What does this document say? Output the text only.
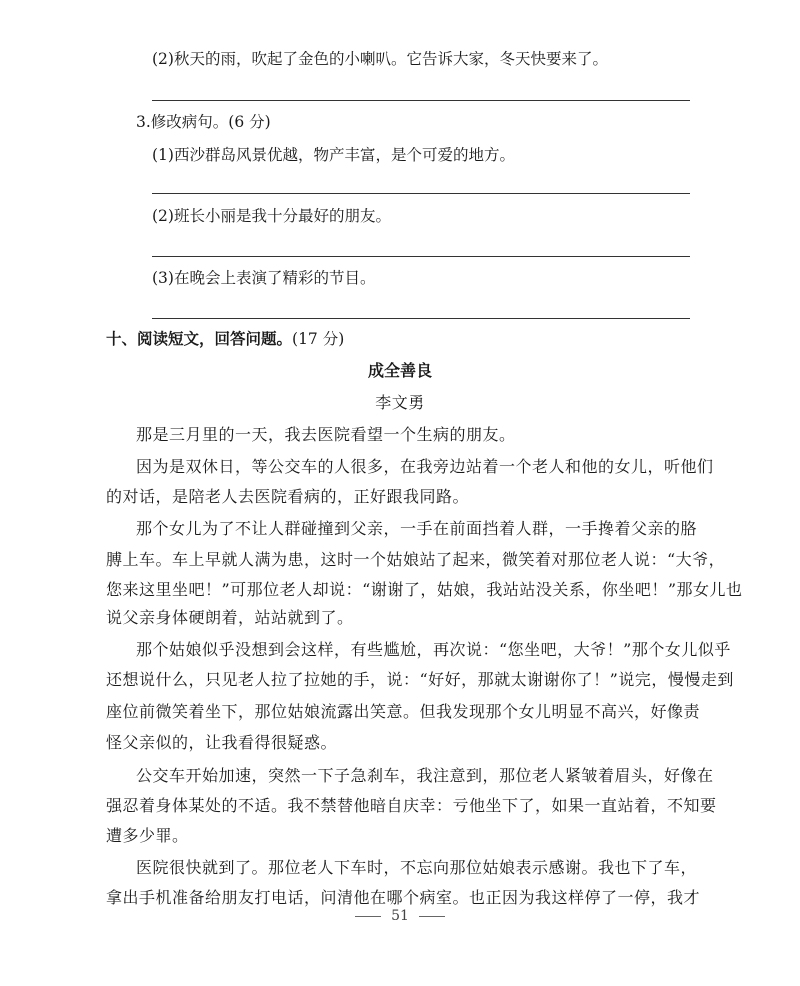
(2)秋天的雨，吹起了金色的小喇叭。它告诉大家，冬天快要来了。
3.修改病句。(6 分)
(1)西沙群岛风景优越，物产丰富，是个可爱的地方。
(2)班长小丽是我十分最好的朋友。
(3)在晚会上表演了精彩的节目。
十、阅读短文，回答问题。(17 分)
成全善良
李文勇
那是三月里的一天，我去医院看望一个生病的朋友。
因为是双休日，等公交车的人很多，在我旁边站着一个老人和他的女儿，听他们
的对话，是陪老人去医院看病的，正好跟我同路。
那个女儿为了不让人群碰撞到父亲，一手在前面挡着人群，一手搀着父亲的胳
膊上车。车上早就人满为患，这时一个姑娘站了起来，微笑着对那位老人说：“大爷，
您来这里坐吧！”可那位老人却说：“谢谢了，姑娘，我站站没关系，你坐吧！”那女儿也
说父亲身体硬朗着，站站就到了。
那个姑娘似乎没想到会这样，有些尴尬，再次说：“您坐吧，大爷！”那个女儿似乎
还想说什么，只见老人拉了拉她的手，说：“好好，那就太谢谢你了！”说完，慢慢走到
座位前微笑着坐下，那位姑娘流露出笑意。但我发现那个女儿明显不高兴，好像责
怪父亲似的，让我看得很疑惑。
公交车开始加速，突然一下子急刹车，我注意到，那位老人紧皱着眉头，好像在
强忍着身体某处的不适。我不禁替他暗自庆幸：亏他坐下了，如果一直站着，不知要
遭多少罪。
医院很快就到了。那位老人下车时，不忘向那位姑娘表示感谢。我也下了车，
拿出手机准备给朋友打电话，问清他在哪个病室。也正因为我这样停了一停，我才
51
